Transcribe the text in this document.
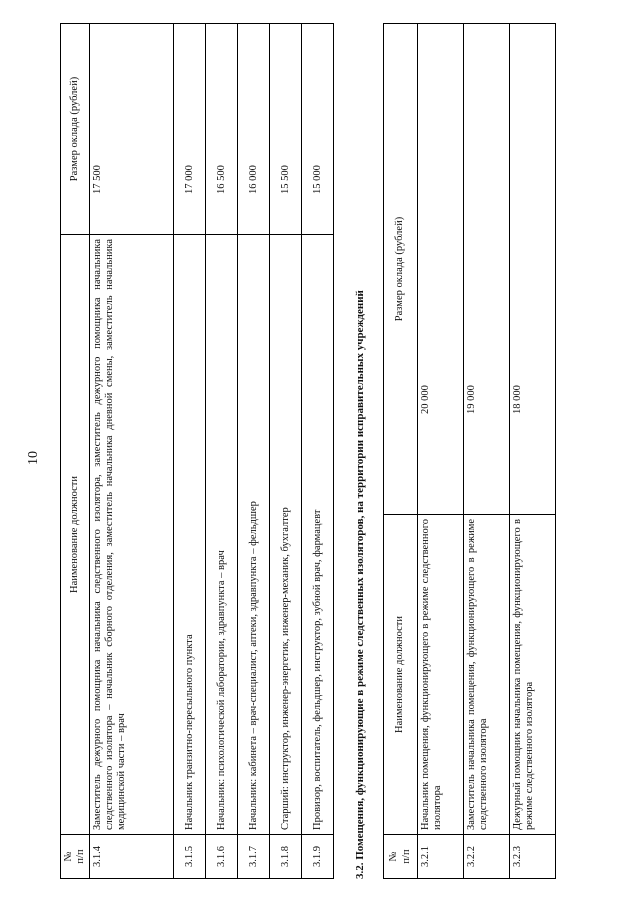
10
№
п/п	Наименование должности	Размер оклада (рублей)
3.1.4	Заместитель дежурного помощника начальника следственного изолятора, заместитель дежурного помощника начальника следственного изолятора – начальник сборного отделения, заместитель начальника дневной смены, заместитель начальника медицинской части – врач	17 500
3.1.5	Начальник транзитно-пересыльного пункта	17 000
3.1.6	Начальник: психологической лаборатории, здравпункта – врач	16 500
3.1.7	Начальник: кабинета – врач-специалист, аптеки, здравпункта – фельдшер	16 000
3.1.8	Старший: инструктор, инженер-энергетик, инженер-механик, бухгалтер	15 500
3.1.9	Провизор, воспитатель, фельдшер, инструктор, зубной врач, фармацевт	15 000
3.2. Помещения, функционирующие в режиме следственных изоляторов, на территории исправительных учреждений №
п/п	Наименование должности	Размер оклада (рублей)
3.2.1	Начальник помещения, функционирующего в режиме следственного изолятора	20 000
3.2.2	Заместитель начальника помещения, функционирующего в режиме следственного изолятора	19 000
3.2.3	Дежурный помощник начальника помещения, функционирующего в режиме следственного изолятора	18 000
